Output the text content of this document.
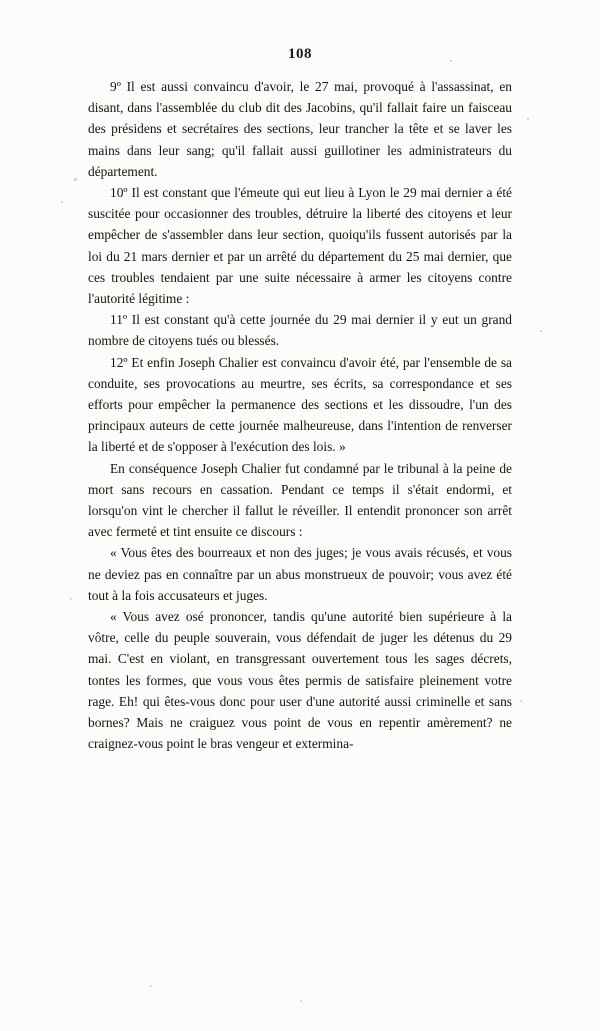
108

9º Il est aussi convaincu d'avoir, le 27 mai, provoqué à l'assassinat, en disant, dans l'assemblée du club dit des Jacobins, qu'il fallait faire un faisceau des présidens et secrétaires des sections, leur trancher la tête et se laver les mains dans leur sang; qu'il fallait aussi guillotiner les administrateurs du département.

10º Il est constant que l'émeute qui eut lieu à Lyon le 29 mai dernier a été suscitée pour occasionner des troubles, détruire la liberté des citoyens et leur empêcher de s'assembler dans leur section, quoiqu'ils fussent autorisés par la loi du 21 mars dernier et par un arrêté du département du 25 mai dernier, que ces troubles tendaient par une suite nécessaire à armer les citoyens contre l'autorité légitime :

11º Il est constant qu'à cette journée du 29 mai dernier il y eut un grand nombre de citoyens tués ou blessés.

12º Et enfin Joseph Chalier est convaincu d'avoir été, par l'ensemble de sa conduite, ses provocations au meurtre, ses écrits, sa correspondance et ses efforts pour empêcher la permanence des sections et les dissoudre, l'un des principaux auteurs de cette journée malheureuse, dans l'intention de renverser la liberté et de s'opposer à l'exécution des lois. »

En conséquence Joseph Chalier fut condamné par le tribunal à la peine de mort sans recours en cassation. Pendant ce temps il s'était endormi, et lorsqu'on vint le chercher il fallut le réveiller. Il entendit prononcer son arrêt avec fermeté et tint ensuite ce discours :

« Vous êtes des bourreaux et non des juges; je vous avais récusés, et vous ne deviez pas en connaître par un abus monstrueux de pouvoir; vous avez été tout à la fois accusateurs et juges.

« Vous avez osé prononcer, tandis qu'une autorité bien supérieure à la vôtre, celle du peuple souverain, vous défendait de juger les détenus du 29 mai. C'est en violant, en transgressant ouvertement tous les sages décrets, tontes les formes, que vous vous êtes permis de satisfaire pleinement votre rage. Eh! qui êtes-vous donc pour user d'une autorité aussi criminelle et sans bornes? Mais ne craiguez vous point de vous en repentir amèrement? ne craignez-vous point le bras vengeur et extermina-
